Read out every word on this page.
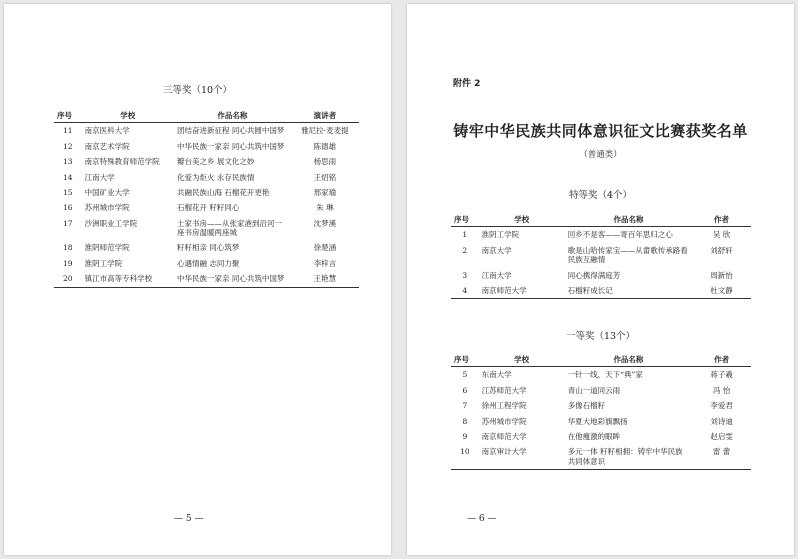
三等奖（10个）
序号	学校	作品名称	演讲者
11	南京医科大学	团结奋进新征程 同心共圆中国梦	雅尼拉·麦麦提
12	南京艺术学院	中华民族一家亲 同心共筑中国梦	陈德雄
13	南京特殊教育师范学院	瓣台美之乡 展文化之妙	杨思雨
14	江南大学	化爱为炬火 永存民族情	王炤铭
15	中国矿业大学	共融民族山海 石榴花开更艳	邢家瑜
16	苏州城市学院	石榴花开 籽籽同心	朱 琳
17	沙洲职业工学院	土家书房——从张家港到沿河一座书房温暖两座城	沈梦溪
18	淮阴师范学院	籽籽相亲 同心筑梦	徐楚涵
19	淮阴工学院	心遇情融 志同力聚	李梓言
20	镇江市高等专科学校	中华民族一家亲 同心共筑中国梦	王艳慧
— 5 —
附件 2
铸牢中华民族共同体意识征文比赛获奖名单
（普通类）
特等奖（4个）
序号	学校	作品名称	作者
1	淮阴工学院	回乡不是客——寄百年思归之心	吴 欣
2	南京大学	歌是山哈传家宝——从畲歌传承路看民族互融情	刘舒轩
3	江南大学	同心携得满庭芳	周新怡
4	南京师范大学	石榴籽成长记	杜文静
一等奖（13个）
序号	学校	作品名称	作者
5	东南大学	一针一线，天下“典”家	蒋子羲
6	江苏师范大学	青山一道同云雨	冯 怡
7	徐州工程学院	多像石榴籽	李爱君
8	苏州城市学院	华夏大地彩旗飘扬	刘诗迪
9	南京师范大学	在他瘦激的眼眸	赵启雯
10	南京审计大学	多元一体 籽籽相拥：铸牢中华民族共同体意识	雷 蕾
— 6 —
